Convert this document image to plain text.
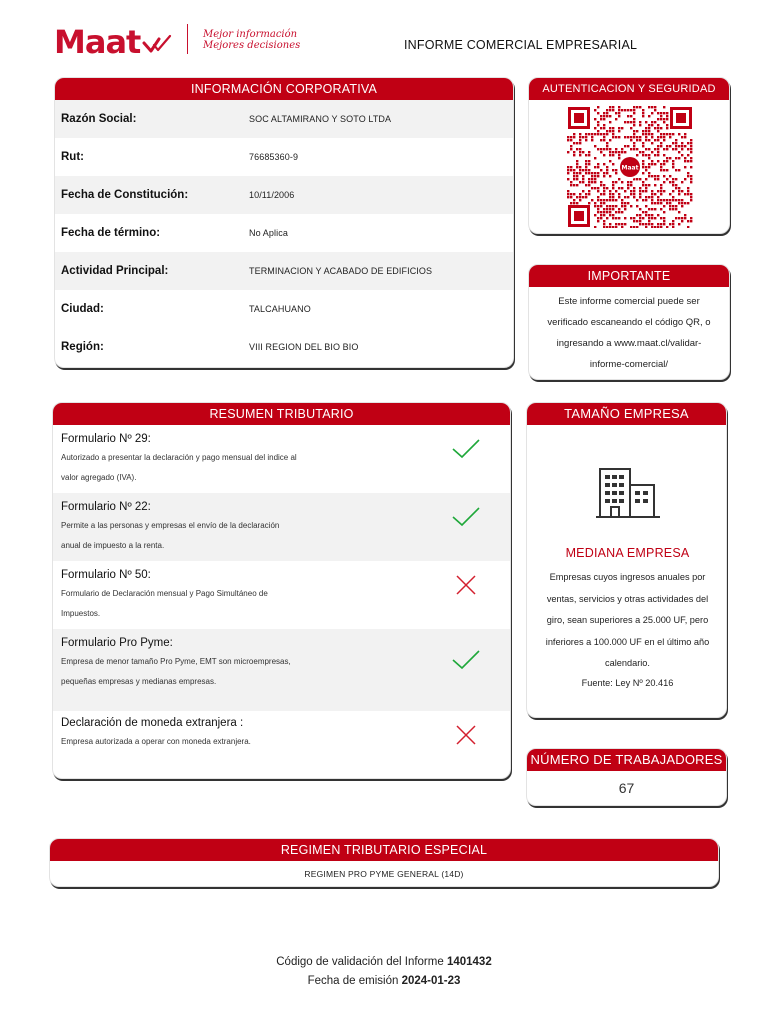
Maat	Mejor información
Mejores decisiones	INFORME COMERCIAL EMPRESARIAL
INFORMACIÓN CORPORATIVA
Razón Social:	SOC ALTAMIRANO Y SOTO LTDA
Rut:	76685360-9
Fecha de Constitución:	10/11/2006
Fecha de término:	No Aplica
Actividad Principal:	TERMINACION Y ACABADO DE EDIFICIOS
Ciudad:	TALCAHUANO
Región:	VIII REGION DEL BIO BIO
AUTENTICACION Y SEGURIDAD
Maat
IMPORTANTE
Este informe comercial puede ser
verificado escaneando el código QR, o
ingresando a www.maat.cl/validar-
informe-comercial/
RESUMEN TRIBUTARIO
Formulario Nº 29:
Autorizado a presentar la declaración y pago mensual del indice al
valor agregado (IVA).
Formulario Nº 22:
Permite a las personas y empresas el envío de la declaración
anual de impuesto a la renta.
Formulario Nº 50:
Formulario de Declaración mensual y Pago Simultáneo de
Impuestos.
Formulario Pro Pyme:
Empresa de menor tamaño Pro Pyme, EMT son microempresas,
pequeñas empresas y medianas empresas.
Declaración de moneda extranjera :
Empresa autorizada a operar con moneda extranjera.
TAMAÑO EMPRESA
MEDIANA EMPRESA
Empresas cuyos ingresos anuales por
ventas, servicios y otras actividades del
giro, sean superiores a 25.000 UF, pero
inferiores a 100.000 UF en el último año
calendario.
Fuente: Ley Nº 20.416
NÚMERO DE TRABAJADORES
67
REGIMEN TRIBUTARIO ESPECIAL
REGIMEN PRO PYME GENERAL (14D)
Código de validación del Informe 1401432
Fecha de emisión 2024-01-23
